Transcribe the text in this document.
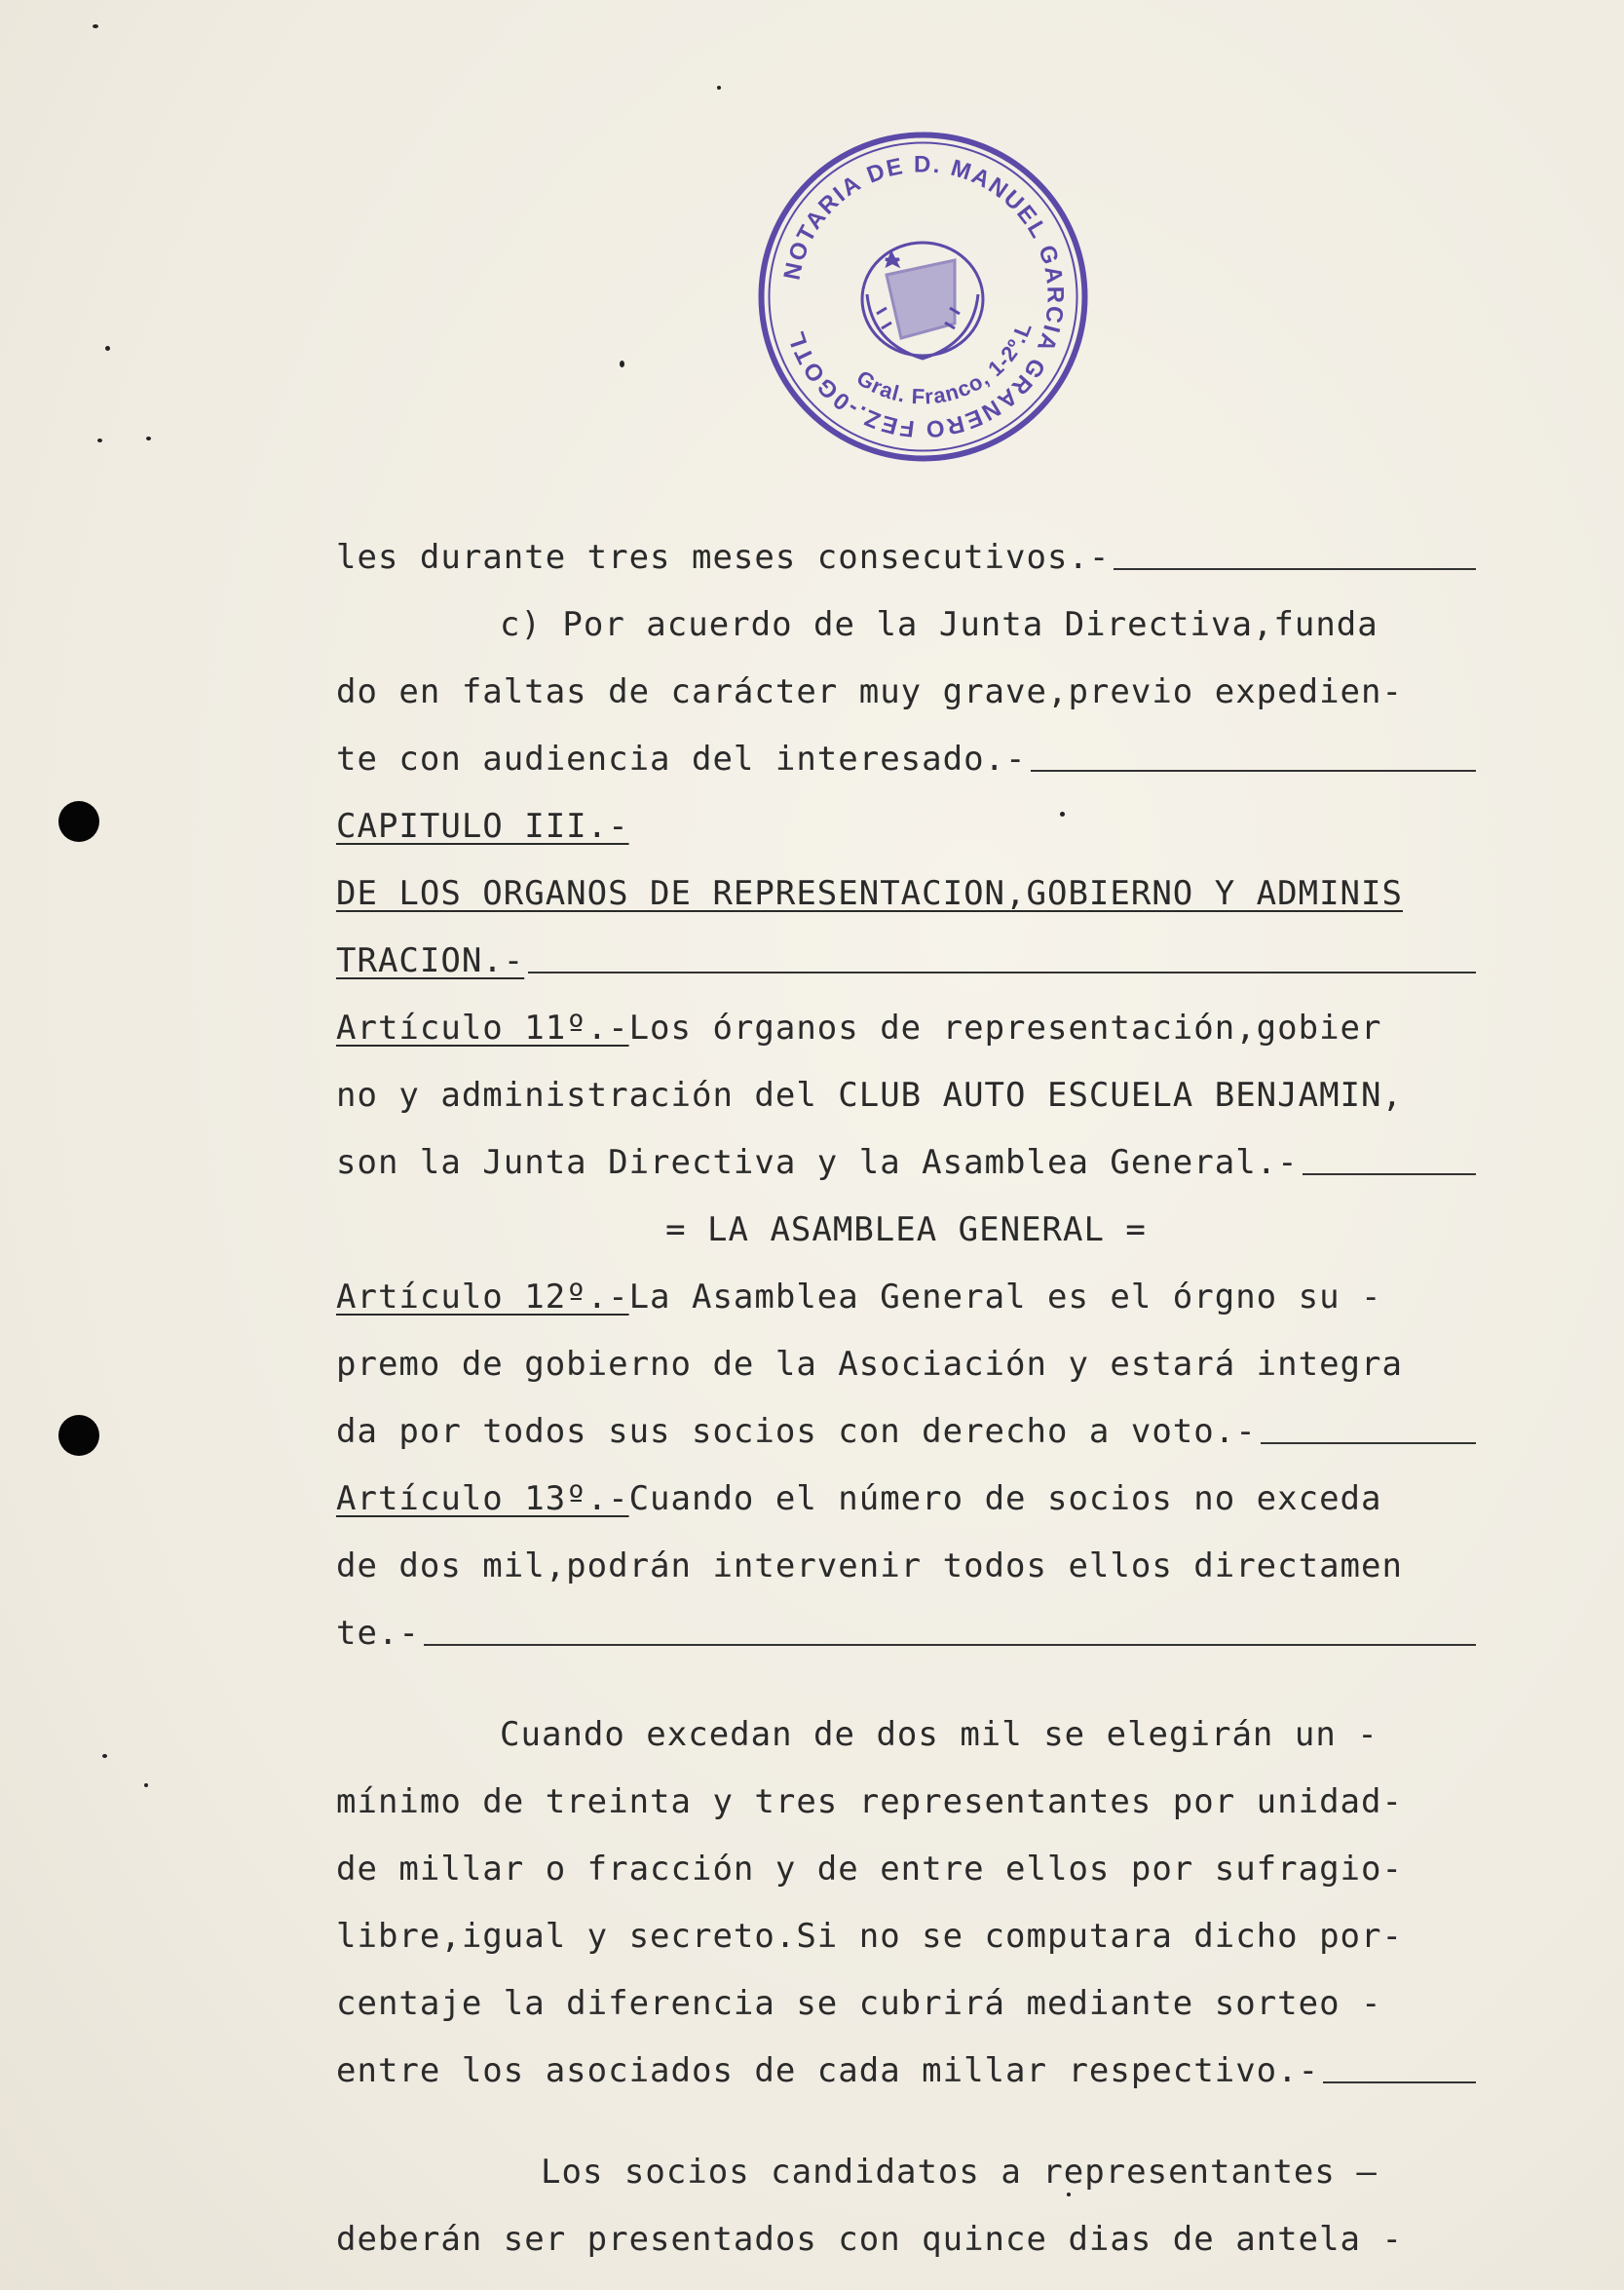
NOTARIA DE D. MANUEL GARCIA GRANERO FEZ.-0GOTL
Gral. Franco, 1-2º.L
les durante tres meses consecutivos.-
c) Por acuerdo de la Junta Directiva,funda
do en faltas de carácter muy grave,previo expedien-
te con audiencia del interesado.-
CAPITULO III.-
DE LOS ORGANOS DE REPRESENTACION,GOBIERNO Y ADMINIS
TRACION.-
Artículo 11º.- Los órganos de representación,gobier
no y administración del CLUB AUTO ESCUELA BENJAMIN,
son la Junta Directiva y la Asamblea General.-
= LA ASAMBLEA GENERAL =
Artículo 12º.- La Asamblea General es el órgno su -
premo de gobierno de la Asociación y estará integra
da por todos sus socios con derecho a voto.-
Artículo 13º.- Cuando el número de socios no exceda
de dos mil,podrán intervenir todos ellos directamen
te.-
Cuando excedan de dos mil se elegirán un -
mínimo de treinta y tres representantes por unidad-
de millar o fracción y de entre ellos por sufragio-
libre,igual y secreto.Si no se computara dicho por-
centaje la diferencia se cubrirá mediante sorteo -
entre los asociados de cada millar respectivo.-
Los socios candidatos a representantes —
deberán ser presentados con quince dias de antela -
